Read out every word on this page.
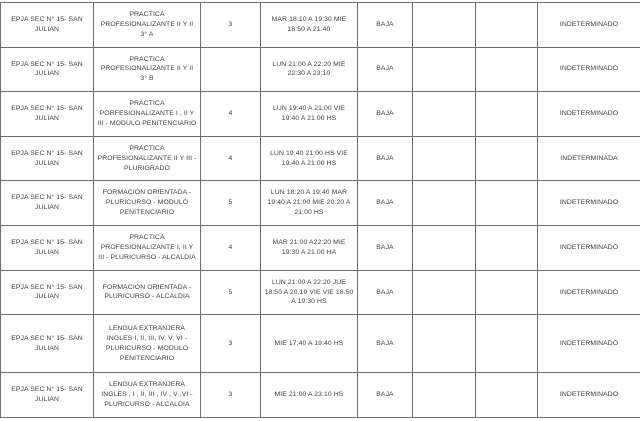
EPJA SEC N° 15- SAN JULIAN	PRACTICA PROFESIONALIZANTE II Y II 3° A	3	MAR 18:10 A 19:30 MIE 18:50 A 21:40	BAJA			INDETERMINADO
EPJA SEC N° 15- SAN JULIAN	PRACTICA PROFESIONALIZANTE II Y II 3° B		LUN 21:00 A 22:20 MIE 22:30 A 23:10	BAJA			INDETERMINADO
EPJA SEC N° 15- SAN JULIAN	PRACTICA PORFESIONALIZANTE I , II Y III - MODULO PENITENCIARIO	4	LUN 19:40 A 21:00 VIE 19:40 A 21:00 HS	BAJA			INDETERMINADO
EPJA SEC N° 15- SAN JULIAN	PRACTICA PROFESIONALIZANTE II Y III - PLURIGRADO	4	LUN 19.40 21:00 HS VIE 19.40 A 21:00 HS	BAJA			INDETERMINADA
EPJA SEC N° 15- SAN JULIAN	FORMACION ORIENTADA - PLURICURSO - MODULO PENITENCIARIO	5	LUN 18:20 A 19:40 MAR 19:40 A 21:00 MIE 20:20 A 21:00 HS	BAJA			INDETERMINADO
EPJA SEC N° 15- SAN JULIAN	PRACTICA PROFESIONALIZANTE I, II Y III - PLURICURSO - ALCALDIA	4	MAR 21:00 A22:20 MIE 19:30 A 21.00 HA	BAJA			INDETERMINADO
EPJA SEC N° 15- SAN JULIAN	FORMACION ORIENTADA - PLURICURSO - ALCALDIA	5	LUN 21:00 A 22:20 JUE 18:50 A 20.10 VIE VIE 18.50 A 19.30 HS	BAJA			INDETERMINADO
EPJA SEC N° 15- SAN JULIAN	LENGUA EXTRANJERA INGLES I, II, III, IV, V, VI - PLURICURSO - MODULO PENITENCIARIO	3	MIE 17:40 A 19:40 HS	BAJA			INDETERMINADO
EPJA SEC N° 15- SAN JULIAN	LENGUA EXTRANJERA INGLES , I , II, III , IV , V ,VI -PLURICURSO - ALCALDIA	3	MIE 21:00 A 23:10 HS	BAJA			INDETERMINADO
